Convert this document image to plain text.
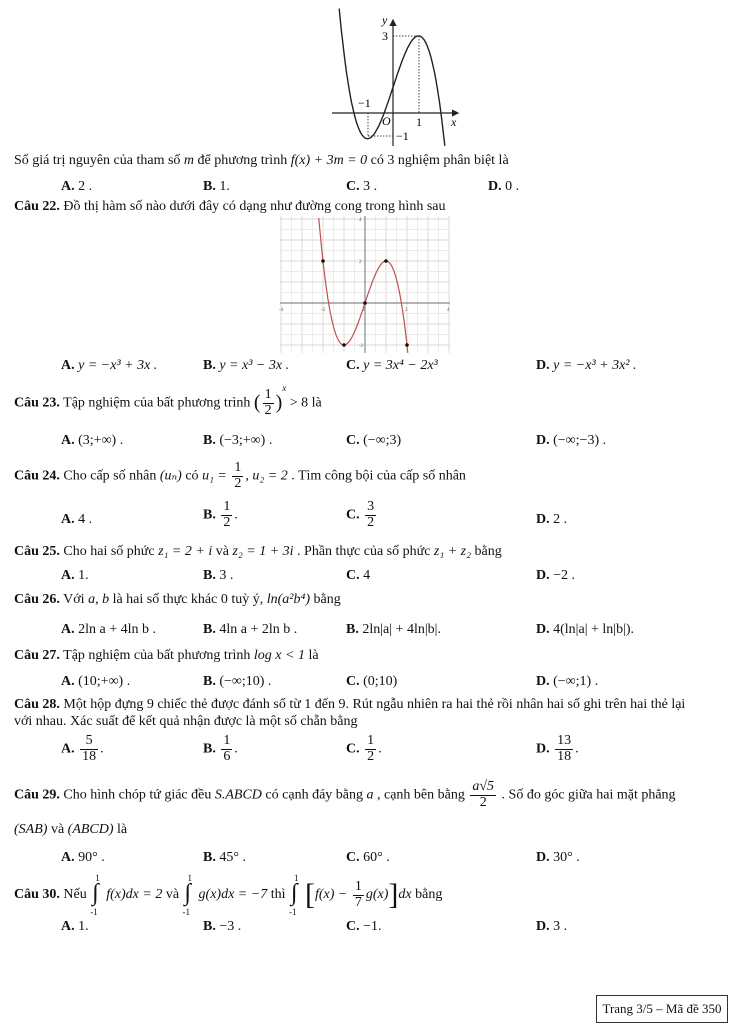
y
x
3
−1
O 1
−1
Số giá trị nguyên của tham số m để phương trình f(x) + 3m = 0 có 3 nghiệm phân biệt là
A. 2 .	B. 1.	C. 3 .	D. 0 .
Câu 22. Đồ thị hàm số nào dưới đây có dạng như đường cong trong hình sau
-4	-2	0	2	4
4
2
-2
A. y = −x³ + 3x .	B. y = x³ − 3x .	C. y = 3x⁴ − 2x³	D. y = −x³ + 3x² .
Câu 23. Tập nghiệm của bất phương trình ( $\frac{1}{2} )^x > 8$ là
A. (3;+∞) .	B. (−3;+∞) .	C. (−∞;3)	D. (−∞;−3) .
Câu 24. Cho cấp số nhân (uₙ) có $u_1 = \frac{1}{2}$ , u₂ = 2 . Tìm công bội của cấp số nhân
A. 4 .	B. $\frac{1}{2}$ .	C. $\frac{3}{2}$	D. 2 .
Câu 25. Cho hai số phức z₁ = 2 + i và z₂ = 1 + 3i . Phần thực của số phức z₁ + z₂ bằng
A. 1.	B. 3 .	C. 4	D. −2 .
Câu 26. Với a, b là hai số thực khác 0 tuỳ ý, ln(a²b⁴) bằng
A. 2ln a + 4ln b .	B. 4ln a + 2ln b .	B. 2ln|a| + 4ln|b|.	D. 4(ln|a| + ln|b|).
Câu 27. Tập nghiệm của bất phương trình log x < 1 là
A. (10;+∞) .	B. (−∞;10) .	C. (0;10)	D. (−∞;1) .
Câu 28. Một hộp đựng 9 chiếc thẻ được đánh số từ 1 đến 9. Rút ngẫu nhiên ra hai thẻ rồi nhân hai số ghi trên hai thẻ lại
với nhau. Xác suất để kết quả nhận được là một số chẵn bằng
A. $\frac{5}{18}$ .	B. $\frac{1}{6}$ .	C. $\frac{1}{2}$ .	D. $\frac{13}{18}$ .
Câu 29. Cho hình chóp tứ giác đều S.ABCD có cạnh đáy bằng a , cạnh bên bằng $\frac{a√5}{2}$ . Số đo góc giữa hai mặt phẳng
(SAB) và (ABCD) là
A. 90° .	B. 45° .	C. 60° .	D. 30° .
Câu 30. Nếu
1
∫
-1
f(x)dx = 2 và
1
∫
-1
g(x)dx = −7 thì
1
∫
-1
$[f(x) - \frac{1}{7} g(x)]dx$ bằng
A. 1.	B. −3 .	C. −1.	D. 3 .
Trang 3/5 – Mã đề 350
